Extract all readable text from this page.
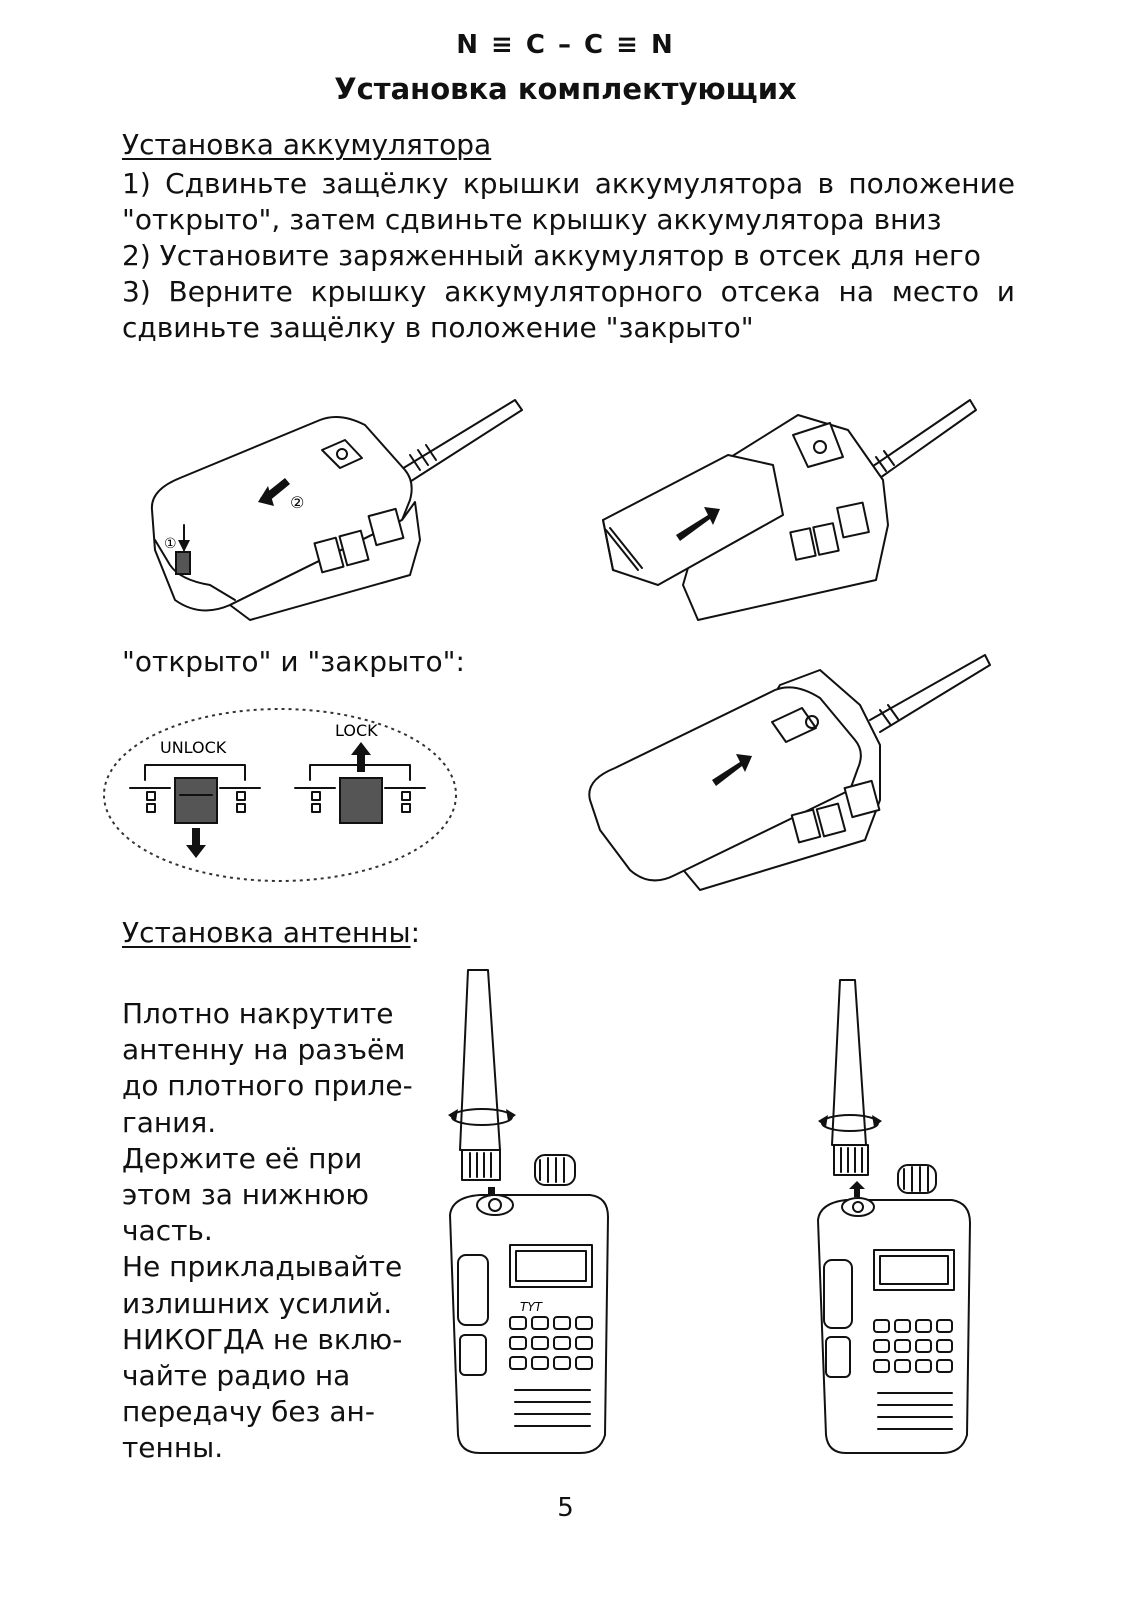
N ≡ C – C ≡ N
Установка комплектующих
Установка аккумулятора
1) Сдвиньте защёлку крышки аккумулятора в положение
"открыто", затем сдвиньте крышку аккумулятора вниз
2) Установите заряженный аккумулятор в отсек для него
3) Верните крышку аккумуляторного отсека на место и
сдвиньте защёлку в положение "закрыто"
②
①
"открыто" и "закрыто":
UNLOCK
LOCK
Установка антенны:
Плотно накрутите
антенну на разъём
до плотного приле-
гания.
Держите её при
этом за нижнюю
часть.
Не прикладывайте
излишних усилий.
НИКОГДА не вклю-
чайте радио на
передачу без ан-
тенны.
TYT
5
